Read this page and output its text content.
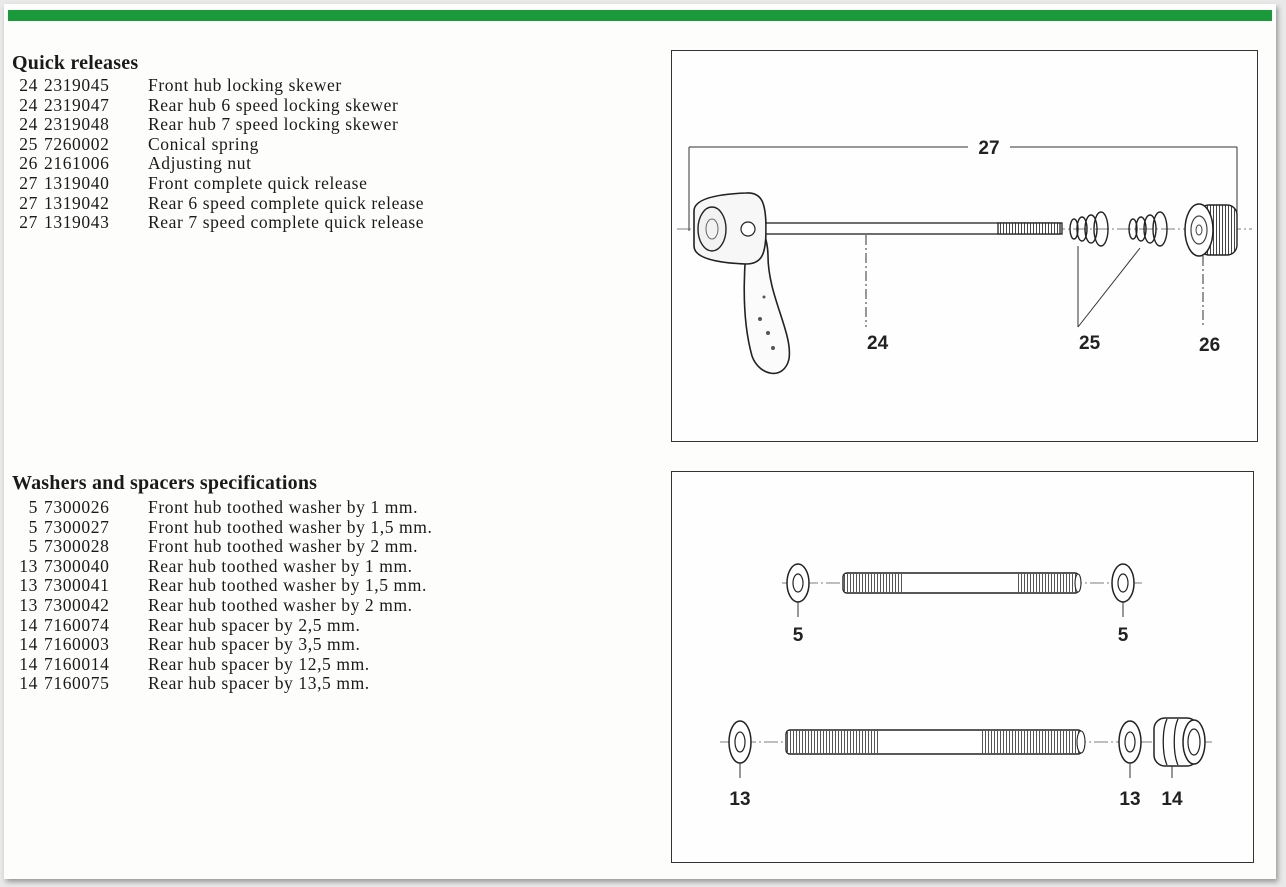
Quick releases
24 2319045 Front hub locking skewer
24 2319047 Rear hub 6 speed locking skewer
24 2319048 Rear hub 7 speed locking skewer
25 7260002 Conical spring
26 2161006 Adjusting nut
27 1319040 Front complete quick release
27 1319042 Rear 6 speed complete quick release
27 1319043 Rear 7 speed complete quick release
Washers and spacers specifications
5 7300026 Front hub toothed washer by 1 mm.
5 7300027 Front hub toothed washer by 1,5 mm.
5 7300028 Front hub toothed washer by 2 mm.
13 7300040 Rear hub toothed washer by 1 mm.
13 7300041 Rear hub toothed washer by 1,5 mm.
13 7300042 Rear hub toothed washer by 2 mm.
14 7160074 Rear hub spacer by 2,5 mm.
14 7160003 Rear hub spacer by 3,5 mm.
14 7160014 Rear hub spacer by 12,5 mm.
14 7160075 Rear hub spacer by 13,5 mm.
27
24	25	26
5	5
13	13 14
